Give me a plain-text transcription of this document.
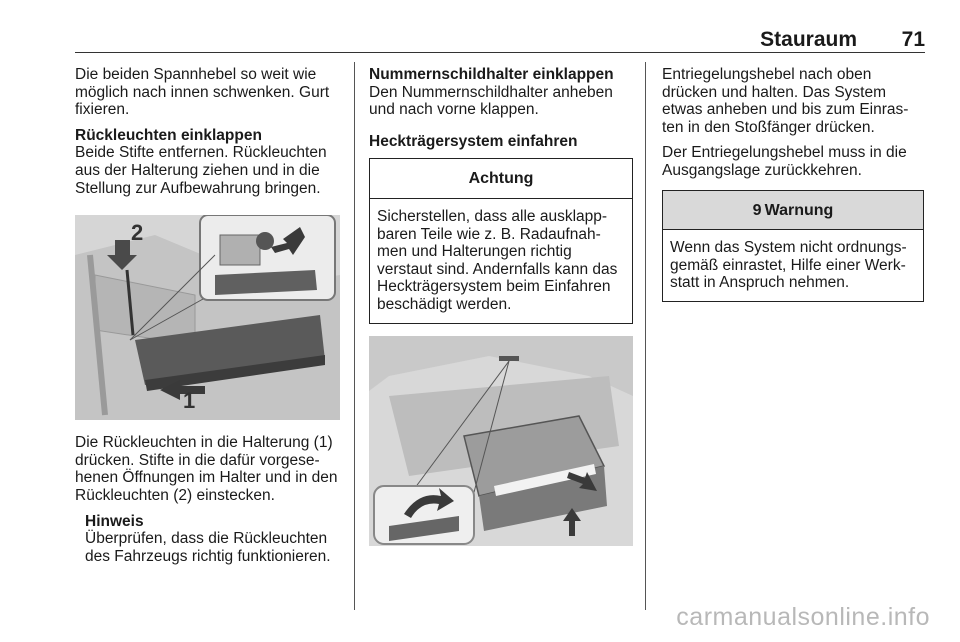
Stauraum 71

Die beiden Spannhebel so weit wie möglich nach innen schwenken. Gurt fixieren.

Rückleuchten einklappen

Beide Stifte entfernen. Rückleuchten aus der Halterung ziehen und in die Stellung zur Aufbewahrung bringen.

2
1

Die Rückleuchten in die Halterung (1) drücken. Stifte in die dafür vorgesehenen Öffnungen im Halter und in den Rückleuchten (2) einstecken.

Hinweis

Überprüfen, dass die Rückleuchten des Fahrzeugs richtig funktionieren.

Nummernschildhalter einklappen

Den Nummernschildhalter anheben und nach vorne klappen.

Heckträgersystem einfahren
Achtung
Sicherstellen, dass alle ausklappbaren Teile wie z. B. Radaufnahmen und Halterungen richtig verstaut sind. Andernfalls kann das Heckträgersystem beim Einfahren beschädigt werden.

Entriegelungshebel nach oben drücken und halten. Das System etwas anheben und bis zum Einrasten in den Stoßfänger drücken.

Der Entriegelungshebel muss in die Ausgangslage zurückkehren.

9 Warnung
Wenn das System nicht ordnungsgemäß einrastet, Hilfe einer Werkstatt in Anspruch nehmen.
carmanualsonline.info
